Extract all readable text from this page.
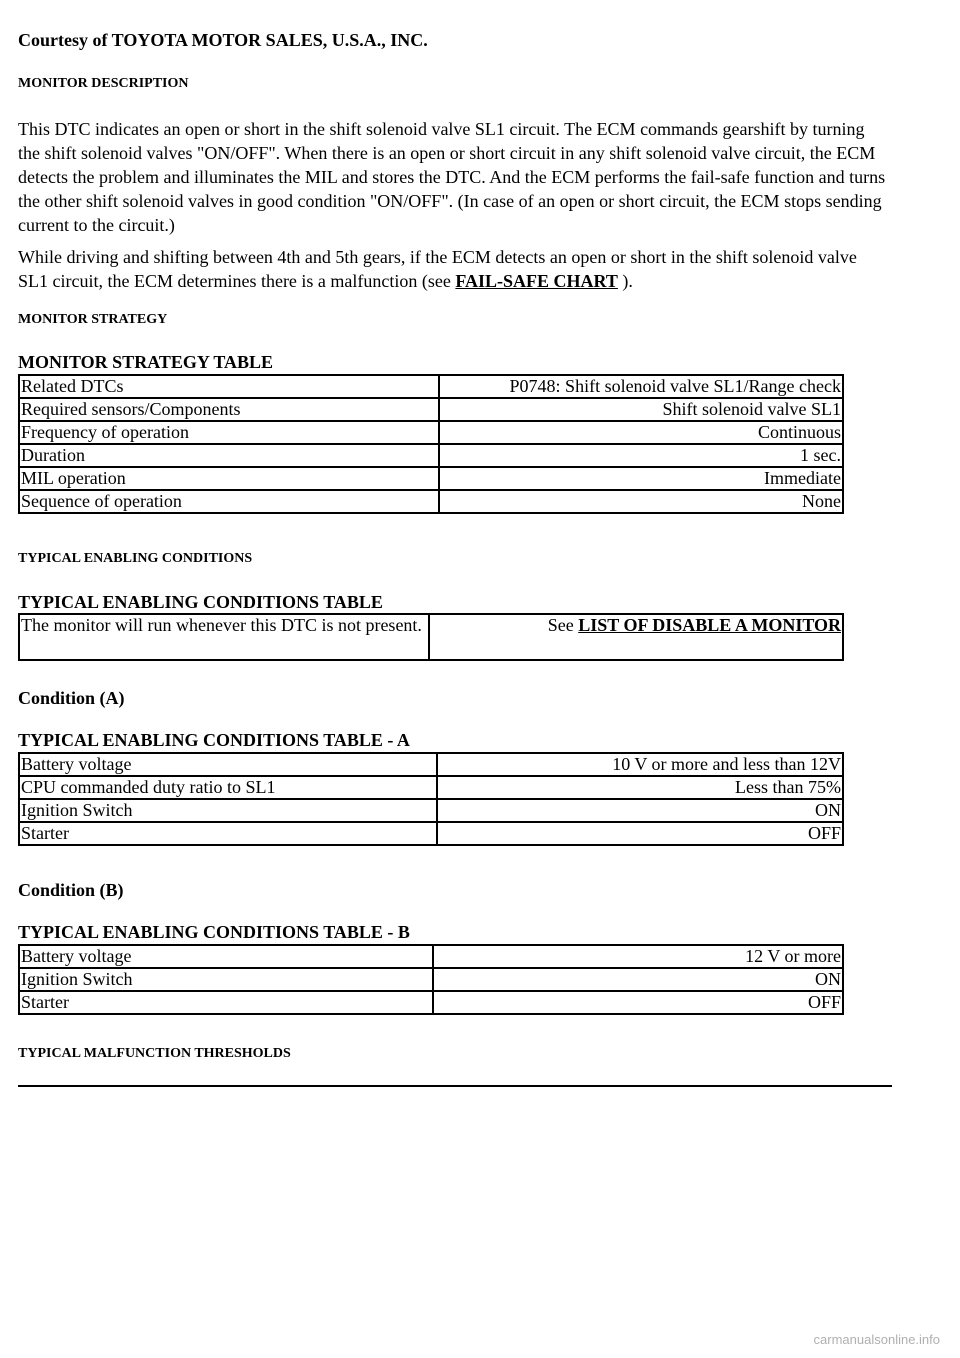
Courtesy of TOYOTA MOTOR SALES, U.S.A., INC.
MONITOR DESCRIPTION
This DTC indicates an open or short in the shift solenoid valve SL1 circuit. The ECM commands gearshift by turning the shift solenoid valves "ON/OFF". When there is an open or short circuit in any shift solenoid valve circuit, the ECM detects the problem and illuminates the MIL and stores the DTC. And the ECM performs the fail-safe function and turns the other shift solenoid valves in good condition "ON/OFF". (In case of an open or short circuit, the ECM stops sending current to the circuit.)
While driving and shifting between 4th and 5th gears, if the ECM detects an open or short in the shift solenoid valve SL1 circuit, the ECM determines there is a malfunction (see FAIL-SAFE CHART ).
MONITOR STRATEGY
MONITOR STRATEGY TABLE
Related DTCs	P0748: Shift solenoid valve SL1/Range check
Required sensors/Components	Shift solenoid valve SL1
Frequency of operation	Continuous
Duration	1 sec.
MIL operation	Immediate
Sequence of operation	None
TYPICAL ENABLING CONDITIONS
TYPICAL ENABLING CONDITIONS TABLE
The monitor will run whenever this DTC is not present.	See LIST OF DISABLE A MONITOR
Condition (A)
TYPICAL ENABLING CONDITIONS TABLE - A
Battery voltage	10 V or more and less than 12V
CPU commanded duty ratio to SL1	Less than 75%
Ignition Switch	ON
Starter	OFF
Condition (B)
TYPICAL ENABLING CONDITIONS TABLE - B
Battery voltage	12 V or more
Ignition Switch	ON
Starter	OFF
TYPICAL MALFUNCTION THRESHOLDS
carmanualsonline.info
